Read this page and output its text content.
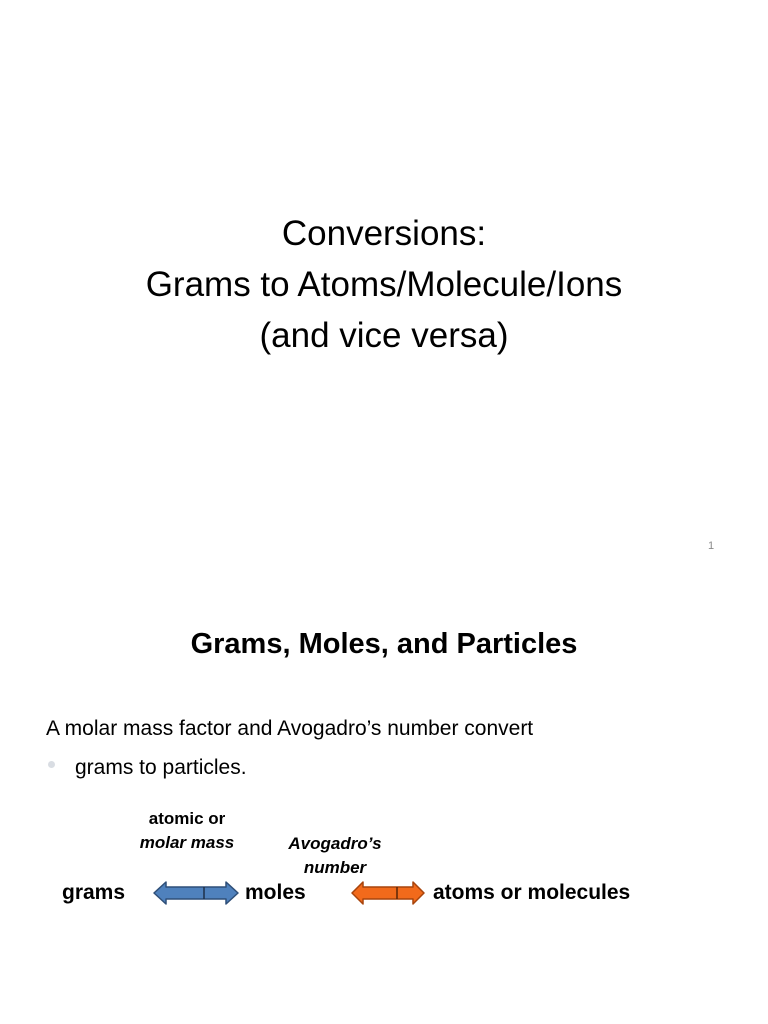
Conversions:
Grams to Atoms/Molecule/Ions
(and vice versa)
1
Grams, Moles, and Particles
A molar mass factor and Avogadro’s number convert
grams to particles.
atomic or
molar mass	Avogadro’s
number
grams	moles	atoms or molecules
